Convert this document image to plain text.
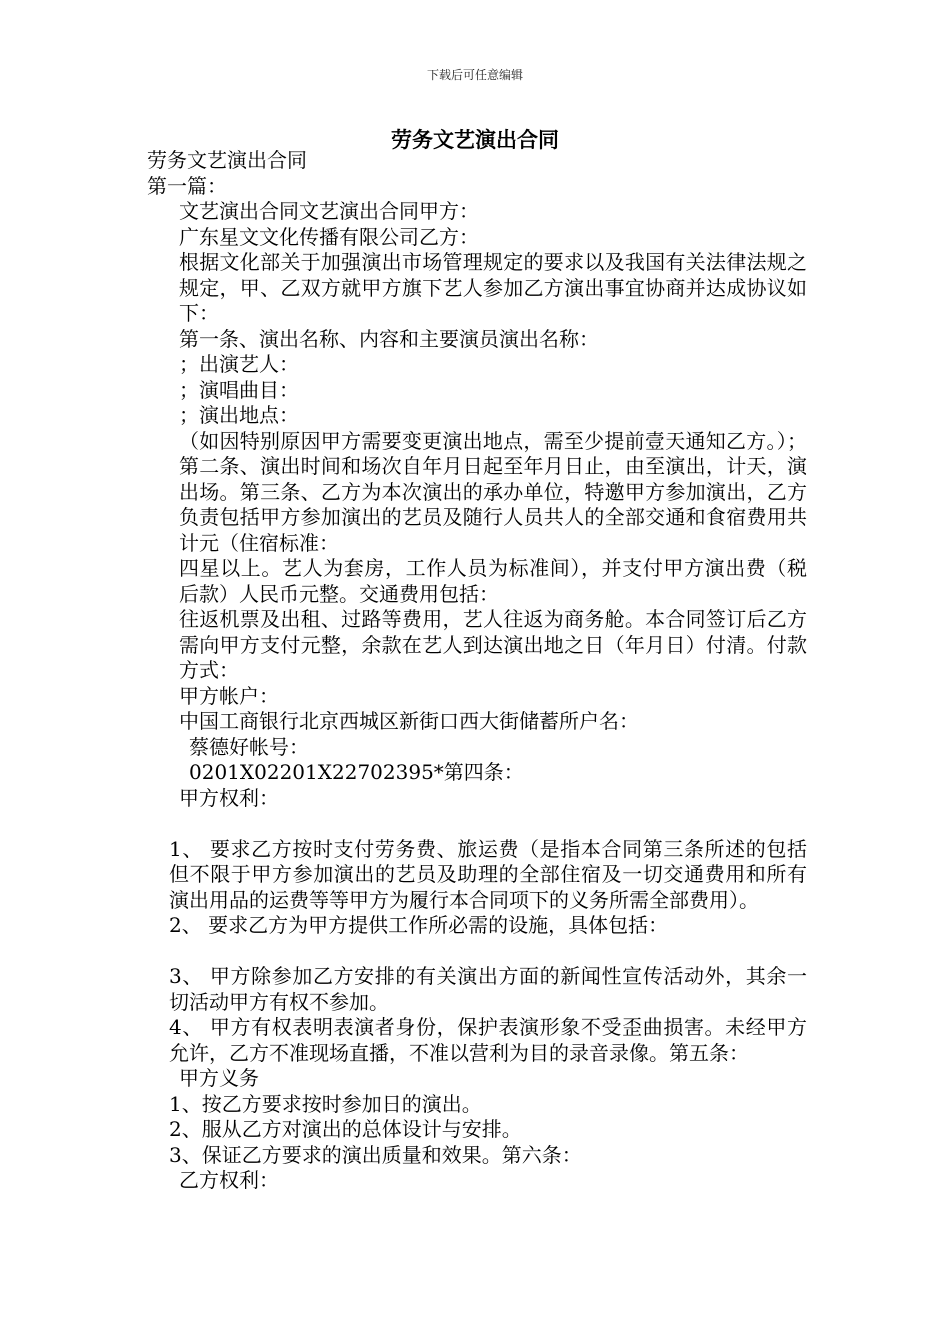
下载后可任意编辑
劳务文艺演出合同

劳务文艺演出合同

第一篇：

文艺演出合同文艺演出合同甲方：

广东星文文化传播有限公司乙方：

根据文化部关于加强演出市场管理规定的要求以及我国有关法律法规之规定，甲、乙双方就甲方旗下艺人参加乙方演出事宜协商并达成协议如下：

第一条、演出名称、内容和主要演员演出名称：

；出演艺人：

；演唱曲目：

；演出地点：

（如因特别原因甲方需要变更演出地点，需至少提前壹天通知乙方。）；第二条、演出时间和场次自年月日起至年月日止，由至演出，计天，演出场。第三条、乙方为本次演出的承办单位，特邀甲方参加演出，乙方负责包括甲方参加演出的艺员及随行人员共人的全部交通和食宿费用共计元（住宿标准：

四星以上。艺人为套房，工作人员为标准间），并支付甲方演出费（税后款）人民币元整。交通费用包括：

往返机票及出租、过路等费用，艺人往返为商务舱。本合同签订后乙方需向甲方支付元整，余款在艺人到达演出地之日（年月日）付清。付款方式：

甲方帐户：

中国工商银行北京西城区新街口西大街储蓄所户名：

蔡德好帐号：

0201X02201X22702395*第四条：

甲方权利：

1、 要求乙方按时支付劳务费、旅运费（是指本合同第三条所述的包括但不限于甲方参加演出的艺员及助理的全部住宿及一切交通费用和所有演出用品的运费等等甲方为履行本合同项下的义务所需全部费用）。

2、 要求乙方为甲方提供工作所必需的设施，具体包括：

3、 甲方除参加乙方安排的有关演出方面的新闻性宣传活动外，其余一切活动甲方有权不参加。

4、 甲方有权表明表演者身份，保护表演形象不受歪曲损害。未经甲方允许，乙方不准现场直播，不准以营利为目的录音录像。第五条：

甲方义务

1、按乙方要求按时参加日的演出。

2、服从乙方对演出的总体设计与安排。

3、保证乙方要求的演出质量和效果。第六条：

乙方权利：
